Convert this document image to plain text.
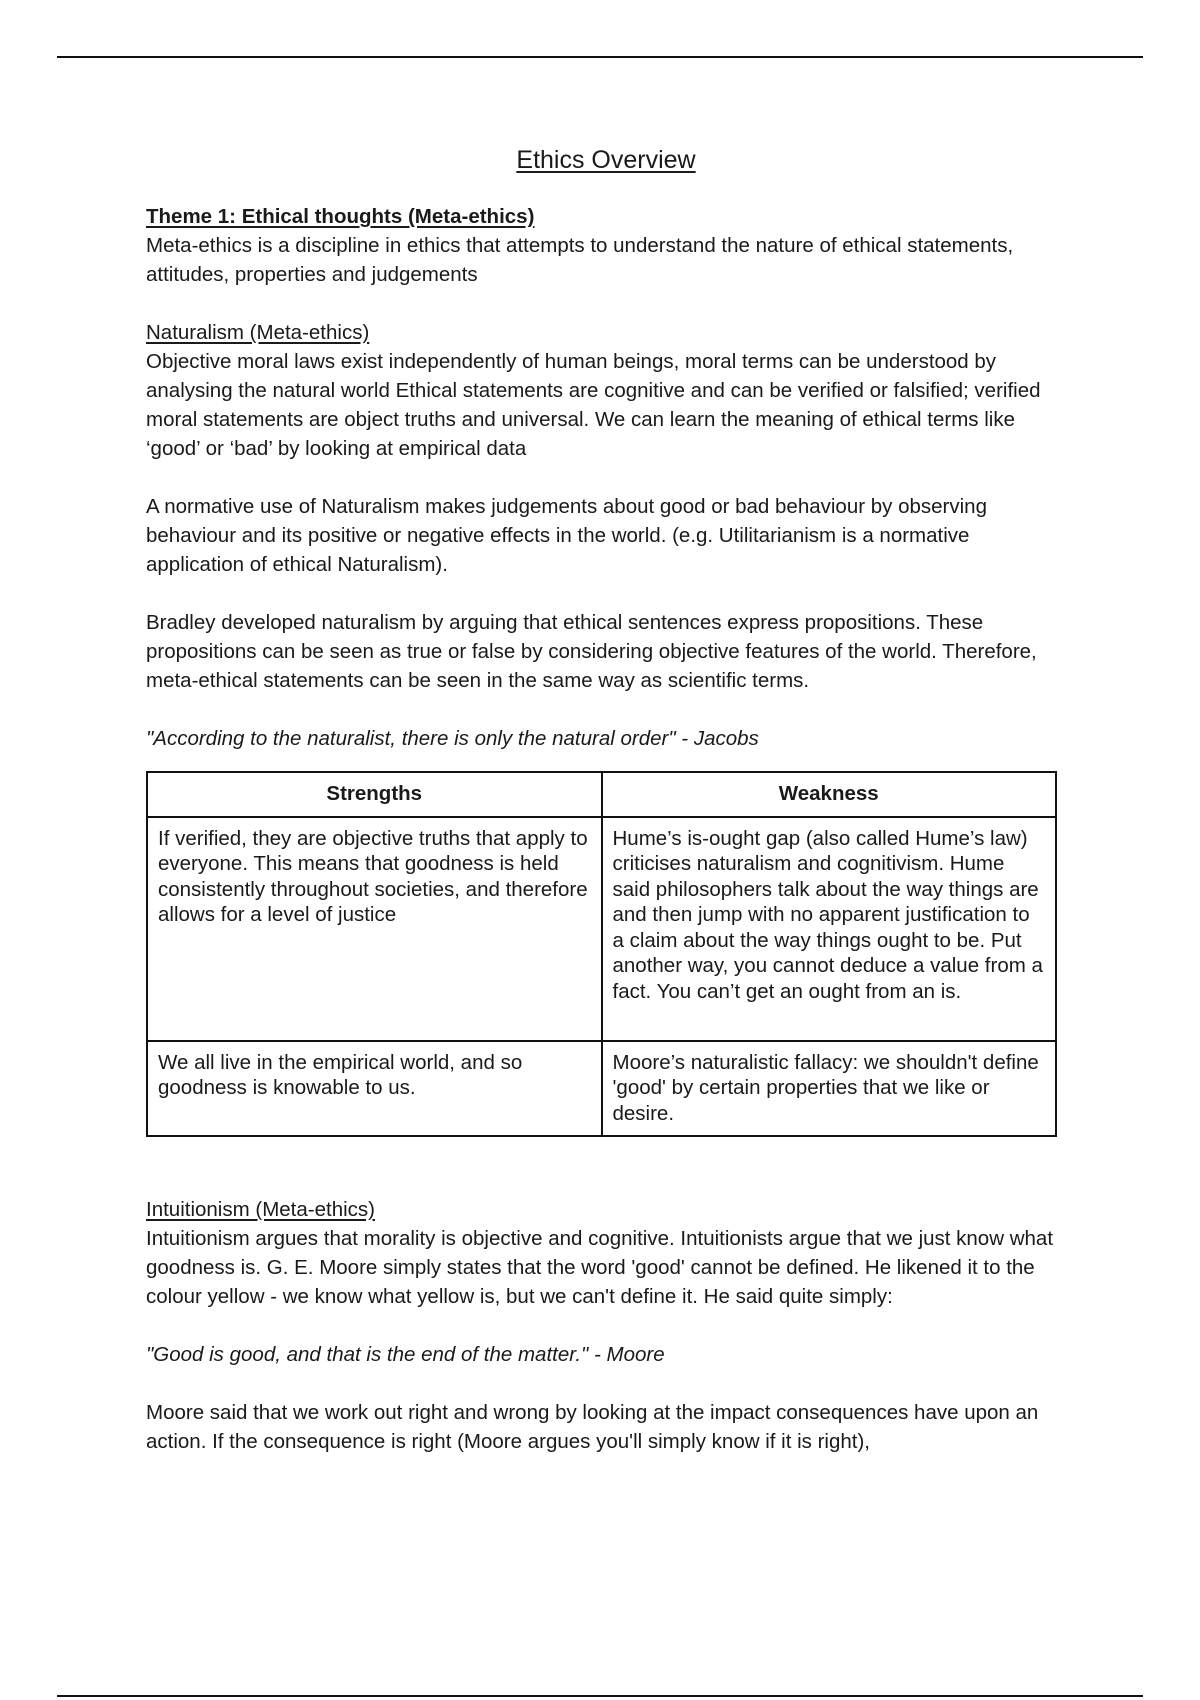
Ethics Overview
Theme 1: Ethical thoughts (Meta-ethics)

Meta-ethics is a discipline in ethics that attempts to understand the nature of ethical statements, attitudes, properties and judgements

Naturalism (Meta-ethics)

Objective moral laws exist independently of human beings, moral terms can be understood by analysing the natural world Ethical statements are cognitive and can be verified or falsified; verified moral statements are object truths and universal. We can learn the meaning of ethical terms like ‘good’ or ‘bad’ by looking at empirical data

A normative use of Naturalism makes judgements about good or bad behaviour by observing behaviour and its positive or negative effects in the world. (e.g. Utilitarianism is a normative application of ethical Naturalism).

Bradley developed naturalism by arguing that ethical sentences express propositions. These propositions can be seen as true or false by considering objective features of the world. Therefore, meta-ethical statements can be seen in the same way as scientific terms.

"According to the naturalist, there is only the natural order" - Jacobs

Strengths	Weakness
If verified, they are objective truths that apply to everyone. This means that goodness is held consistently throughout societies, and therefore allows for a level of justice	Hume’s is-ought gap (also called Hume’s law) criticises naturalism and cognitivism. Hume said philosophers talk about the way things are and then jump with no apparent justification to a claim about the way things ought to be. Put another way, you cannot deduce a value from a fact. You can’t get an ought from an is.
We all live in the empirical world, and so goodness is knowable to us.	Moore’s naturalistic fallacy: we shouldn't define 'good' by certain properties that we like or desire.
Intuitionism (Meta-ethics)

Intuitionism argues that morality is objective and cognitive. Intuitionists argue that we just know what goodness is. G. E. Moore simply states that the word 'good' cannot be defined. He likened it to the colour yellow - we know what yellow is, but we can't define it. He said quite simply:

"Good is good, and that is the end of the matter." - Moore

Moore said that we work out right and wrong by looking at the impact consequences have upon an action. If the consequence is right (Moore argues you'll simply know if it is right),
